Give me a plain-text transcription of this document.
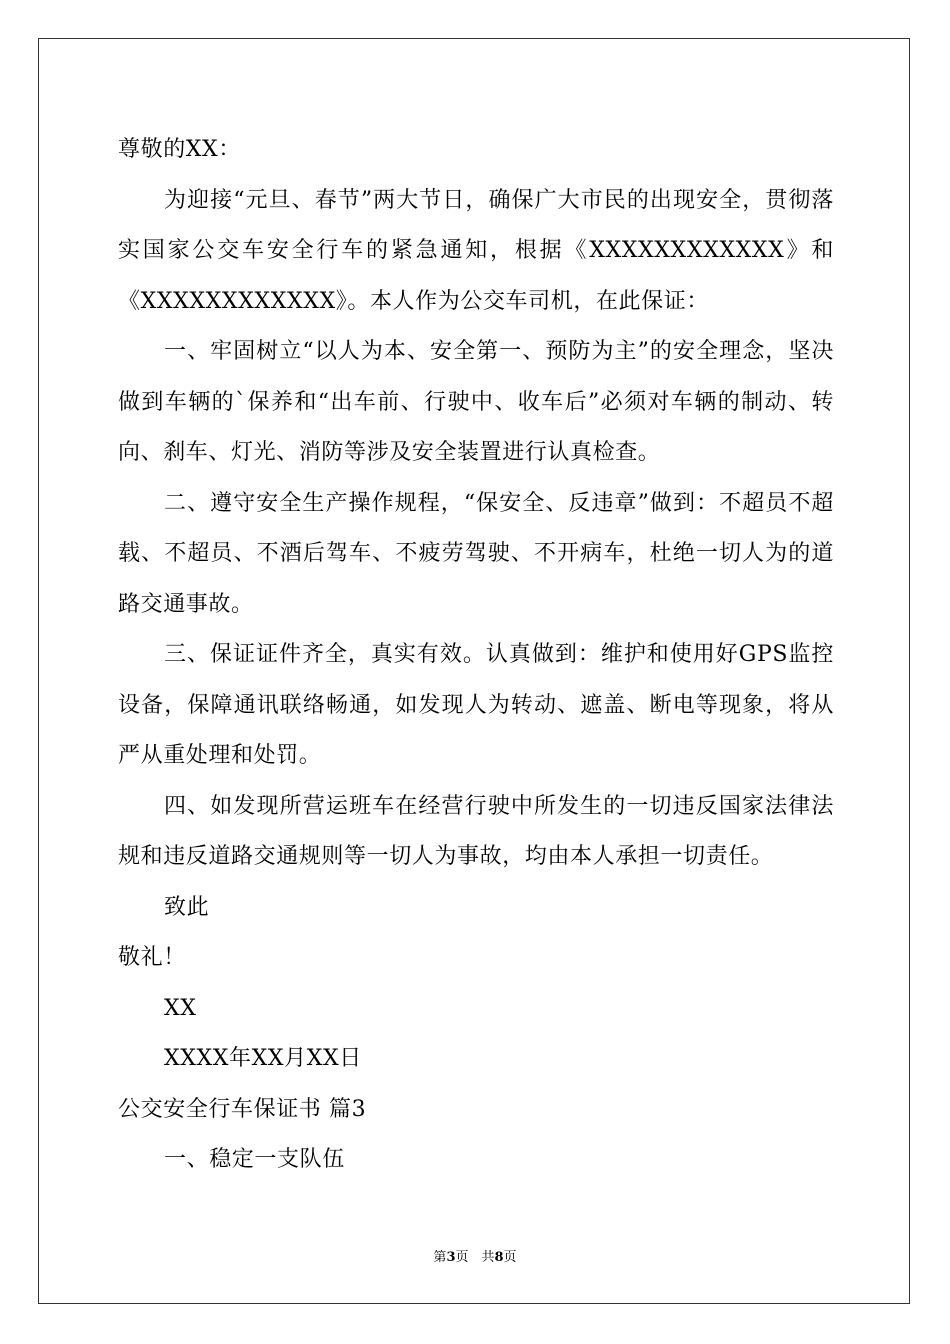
尊敬的XX：

为迎接“元旦、春节”两大节日，确保广大市民的出现安全，贯彻落实国家公交车安全行车的紧急通知，根据《XXXXXXXXXXXX》和《XXXXXXXXXXXX》。本人作为公交车司机，在此保证：

一、牢固树立“以人为本、安全第一、预防为主”的安全理念，坚决做到车辆的`保养和“出车前、行驶中、收车后”必须对车辆的制动、转向、刹车、灯光、消防等涉及安全装置进行认真检查。

二、遵守安全生产操作规程，“保安全、反违章”做到：不超员不超载、不超员、不酒后驾车、不疲劳驾驶、不开病车，杜绝一切人为的道路交通事故。

三、保证证件齐全，真实有效。认真做到：维护和使用好GPS监控设备，保障通讯联络畅通，如发现人为转动、遮盖、断电等现象，将从严从重处理和处罚。

四、如发现所营运班车在经营行驶中所发生的一切违反国家法律法规和违反道路交通规则等一切人为事故，均由本人承担一切责任。

致此

敬礼！

XX

XXXX年XX月XX日

公交安全行车保证书 篇3

一、稳定一支队伍

第3页　共8页
